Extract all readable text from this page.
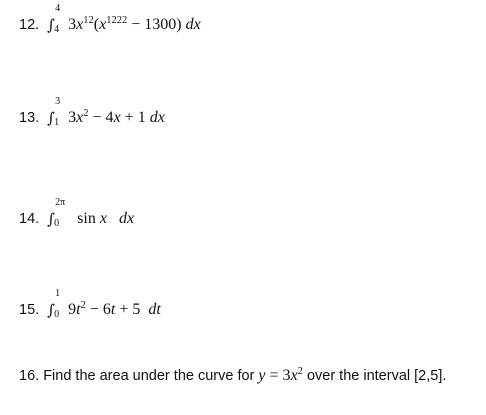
12. ∫
4
4 $3x^{12}(x^{1222} - 1300)$ dx
13. ∫
3
1 $3x^2 - 4x + 1$ dx
14. ∫
2π
0 sin x dx
15. ∫
1
0 $9t^2 - 6t + 5$  dt
16. Find the area under the curve for $y = 3x^2$ over the interval [2,5].
